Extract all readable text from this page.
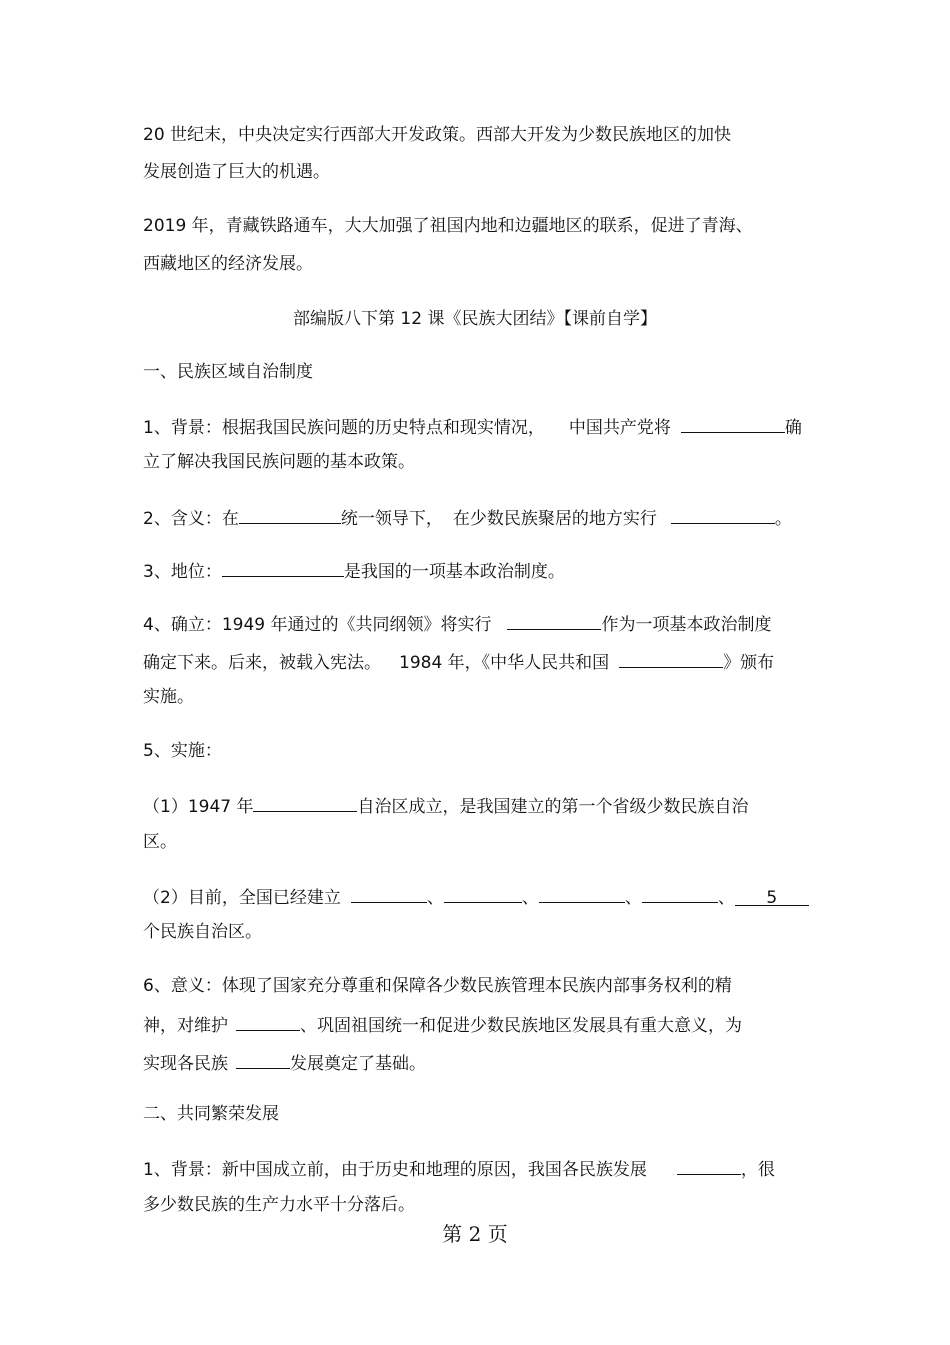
20 世纪末，中央决定实行西部大开发政策。西部大开发为少数民族地区的加快
发展创造了巨大的机遇。
2019 年，青藏铁路通车，大大加强了祖国内地和边疆地区的联系，促进了青海、
西藏地区的经济发展。
部编版八下第 12 课《民族大团结》【课前自学】
一、民族区域自治制度
1、背景：根据我国民族问题的历史特点和现实情况， 中国共产党将	确
立了解决我国民族问题的基本政策。
2、含义：在	统一领导下， 在少数民族聚居的地方实行	。
3、地位：	是我国的一项基本政治制度。
4、确立：1949 年通过的《共同纲领》将实行	作为一项基本政治制度
确定下来。后来，被载入宪法。 1984 年，《中华人民共和国	》颁布
实施。
5、实施：
（1）1947 年	自治区成立，是我国建立的第一个省级少数民族自治
区。
（2）目前，全国已经建立	、	、	、	、 5
个民族自治区。
6、意义：体现了国家充分尊重和保障各少数民族管理本民族内部事务权利的精
神，对维护	、巩固祖国统一和促进少数民族地区发展具有重大意义，为
实现各民族	发展奠定了基础。
二、共同繁荣发展
1、背景：新中国成立前，由于历史和地理的原因，我国各民族发展	，很
多少数民族的生产力水平十分落后。
第 2 页
